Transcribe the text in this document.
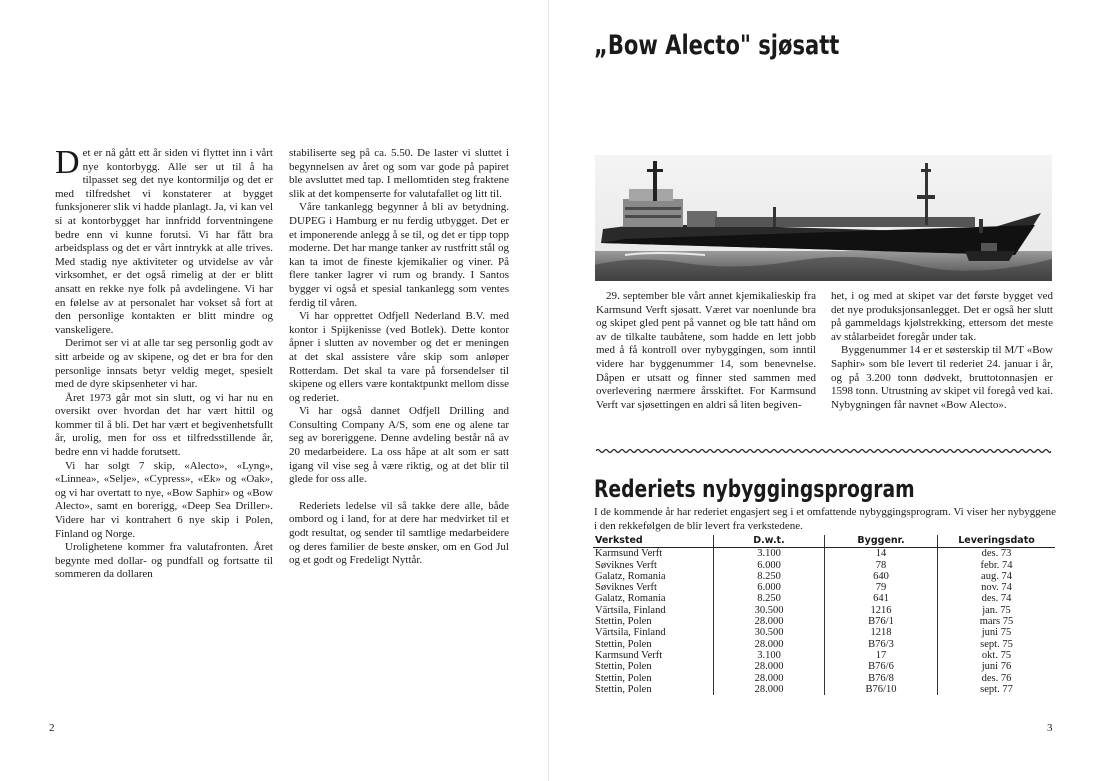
Det er nå gått ett år siden vi flyttet inn i vårt nye kontorbygg. Alle ser ut til å ha tilpasset seg det nye kontormiljø og det er med tilfredshet vi konstaterer at bygget funksjonerer slik vi hadde planlagt. Ja, vi kan vel si at kontorbygget har innfridd forventningene bedre enn vi kunne forutsi. Vi har fått bra arbeidsplass og det er vårt inntrykk at alle trives. Med stadig nye aktiviteter og utvidelse av vår virksomhet, er det også rimelig at der er blitt ansatt en rekke nye folk på avdelingene. Vi har en følelse av at personalet har vokset så fort at den personlige kontakten er blitt mindre og vanskeligere.

Derimot ser vi at alle tar seg personlig godt av sitt arbeide og av skipene, og det er bra for den personlige innsats betyr veldig meget, spesielt med de dyre skipsenheter vi har.

Året 1973 går mot sin slutt, og vi har nu en oversikt over hvordan det har vært hittil og kommer til å bli. Det har vært et begivenhetsfullt år, urolig, men for oss et tilfredsstillende år, bedre enn vi hadde forutsett.

Vi har solgt 7 skip, «Alecto», «Lyng», «Linnea», «Selje», «Cypress», «Ek» og «Oak», og vi har overtatt to nye, «Bow Saphir» og «Bow Alecto», samt en borerigg, «Deep Sea Driller». Videre har vi kontrahert 6 nye skip i Polen, Finland og Norge.

Urolighetene kommer fra valutafronten. Året begynte med dollar- og pundfall og fortsatte til sommeren da dollaren

stabiliserte seg på ca. 5.50. De laster vi sluttet i begynnelsen av året og som var gode på papiret ble avsluttet med tap. I mellomtiden steg fraktene slik at det kompenserte for valutafallet og litt til.

Våre tankanlegg begynner å bli av betydning. DUPEG i Hamburg er nu ferdig utbygget. Det er et imponerende anlegg å se til, og det er tipp topp moderne. Det har mange tanker av rustfritt stål og kan ta imot de fineste kjemikalier og viner. På flere tanker lagrer vi rum og brandy. I Santos bygger vi også et spesial tankanlegg som ventes ferdig til våren.

Vi har opprettet Odfjell Nederland B.V. med kontor i Spijkenisse (ved Botlek). Dette kontor åpner i slutten av november og det er meningen at det skal assistere våre skip som anløper Rotterdam. Det skal ta vare på forsendelser til skipene og ellers være kontaktpunkt mellom disse og rederiet.

Vi har også dannet Odfjell Drilling and Consulting Company A/S, som ene og alene tar seg av boreriggene. Denne avdeling består nå av 20 medarbeidere. La oss håpe at alt som er satt igang vil vise seg å være riktig, og at det blir til glede for oss alle.

Rederiets ledelse vil så takke dere alle, både ombord og i land, for at dere har medvirket til et godt resultat, og sender til samtlige medarbeidere og deres familier de beste ønsker, om en God Jul og et godt og Fredeligt Nyttår.

2
„Bow Alecto" sjøsatt
29. september ble vårt annet kjemikalieskip fra Karmsund Verft sjøsatt. Været var noenlunde bra og skipet gled pent på vannet og ble tatt hånd om av de tilkalte taubåtene, som hadde en lett jobb med å få kontroll over nybyggingen, som inntil videre har byggenummer 14, som benevnelse. Dåpen er utsatt og finner sted sammen med overlevering nærmere årsskiftet. For Karmsund Verft var sjøsettingen en aldri så liten begiven-

het, i og med at skipet var det første bygget ved det nye produksjonsanlegget. Det er også her slutt på gammeldags kjølstrekking, ettersom det meste av stålarbeidet foregår under tak.

Byggenummer 14 er et søsterskip til M/T «Bow Saphir» som ble levert til rederiet 24. januar i år, og på 3.200 tonn dødvekt, bruttotonnasjen er 1598 tonn. Utrustning av skipet vil foregå ved kai. Nybygningen får navnet «Bow Alecto».

Rederiets nybyggingsprogram
I de kommende år har rederiet engasjert seg i et omfattende nybyggingsprogram. Vi viser her nybyggene i den rekkefølgen de blir levert fra verkstedene.
Verksted	D.w.t.	Byggenr.	Leveringsdato
Karmsund Verft	3.100	14	des. 73
Søviknes Verft	6.000	78	febr. 74
Galatz, Romania	8.250	640	aug. 74
Søviknes Verft	6.000	79	nov. 74
Galatz, Romania	8.250	641	des. 74
Värtsila, Finland	30.500	1216	jan. 75
Stettin, Polen	28.000	B76/1	mars 75
Värtsila, Finland	30.500	1218	juni 75
Stettin, Polen	28.000	B76/3	sept. 75
Karmsund Verft	3.100	17	okt. 75
Stettin, Polen	28.000	B76/6	juni 76
Stettin, Polen	28.000	B76/8	des. 76
Stettin, Polen	28.000	B76/10	sept. 77
3
